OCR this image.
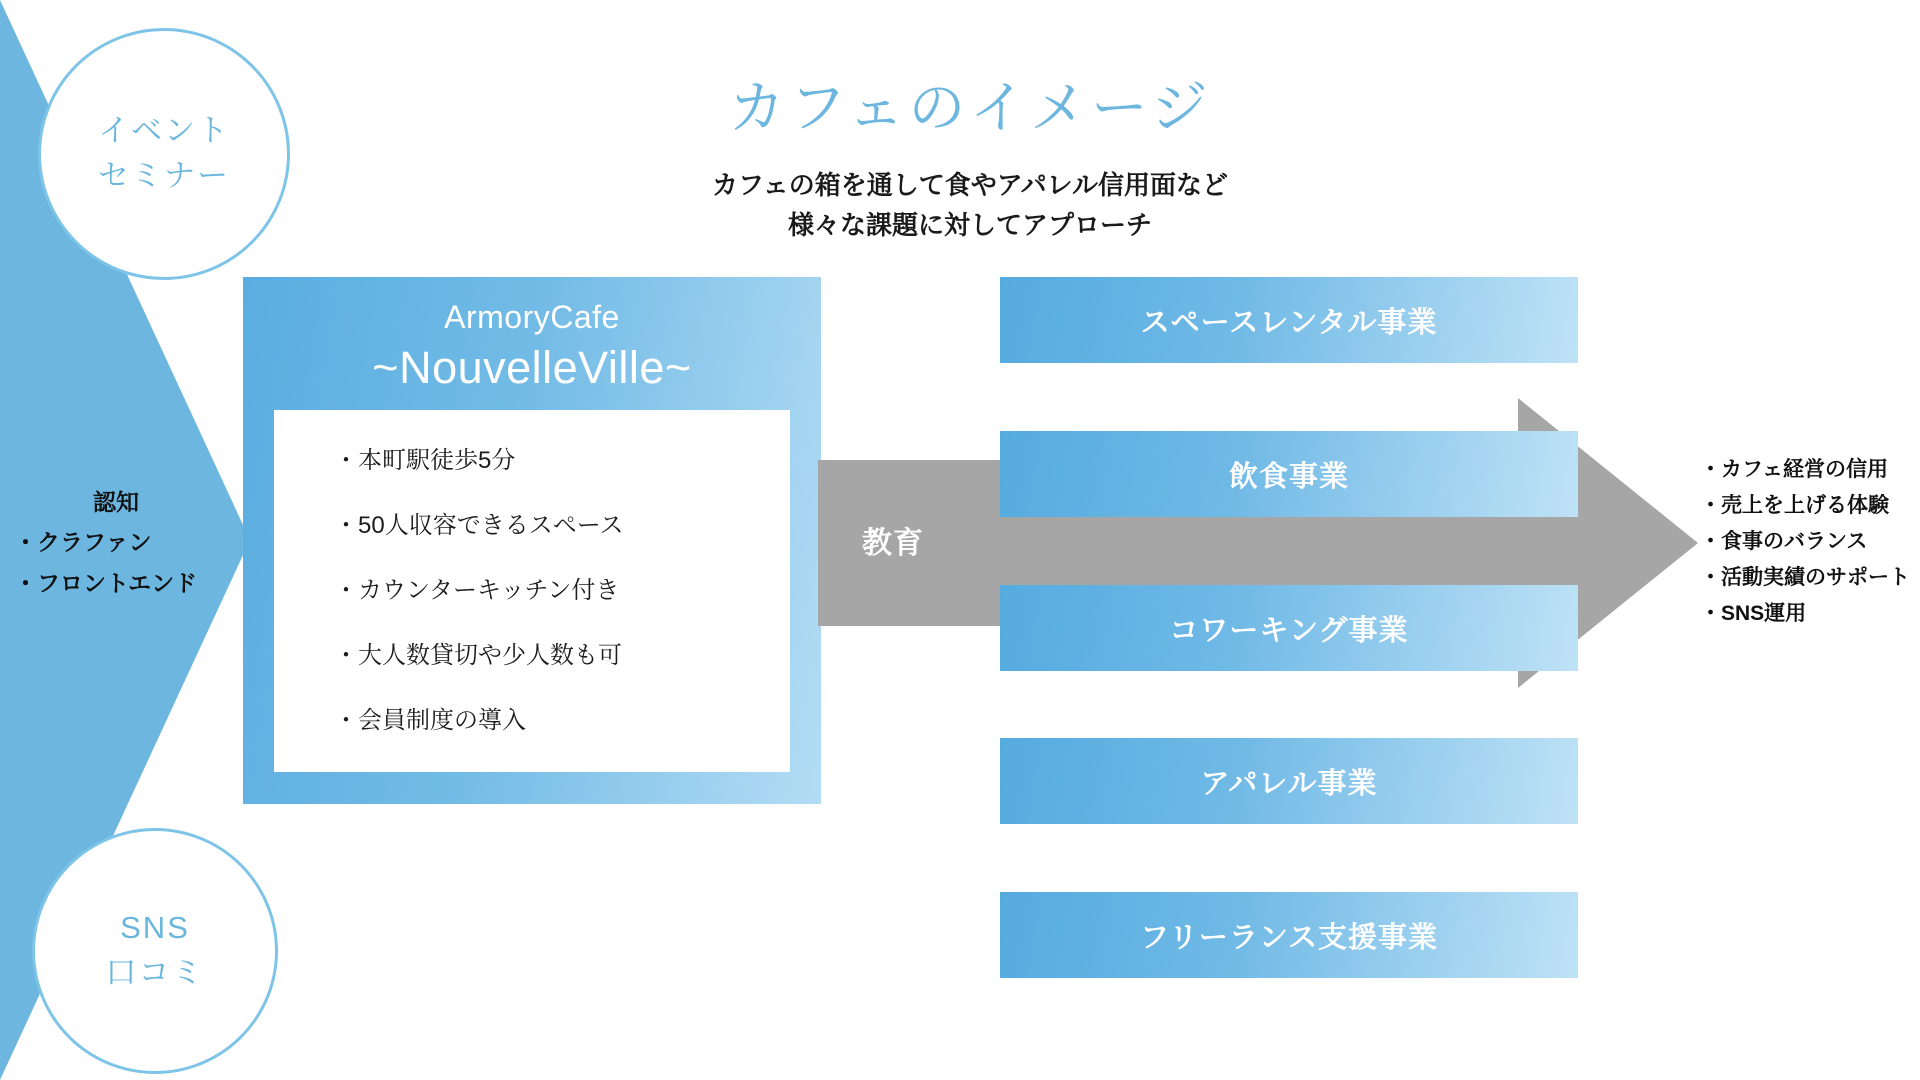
イベント
セミナー
SNS
口コミ
認知
・クラファン
・フロントエンド
カフェのイメージ
カフェの箱を通して食やアパレル信用面など
様々な課題に対してアプローチ
ArmoryCafe
~NouvelleVille~
・本町駅徒歩5分
・50人収容できるスペース
・カウンターキッチン付き
・大人数貸切や少人数も可
・会員制度の導入
教育
スペースレンタル事業
飲食事業
コワーキング事業
アパレル事業
フリーランス支援事業
・カフェ経営の信用
・売上を上げる体験
・食事のバランス
・活動実績のサポート
・SNS運用
